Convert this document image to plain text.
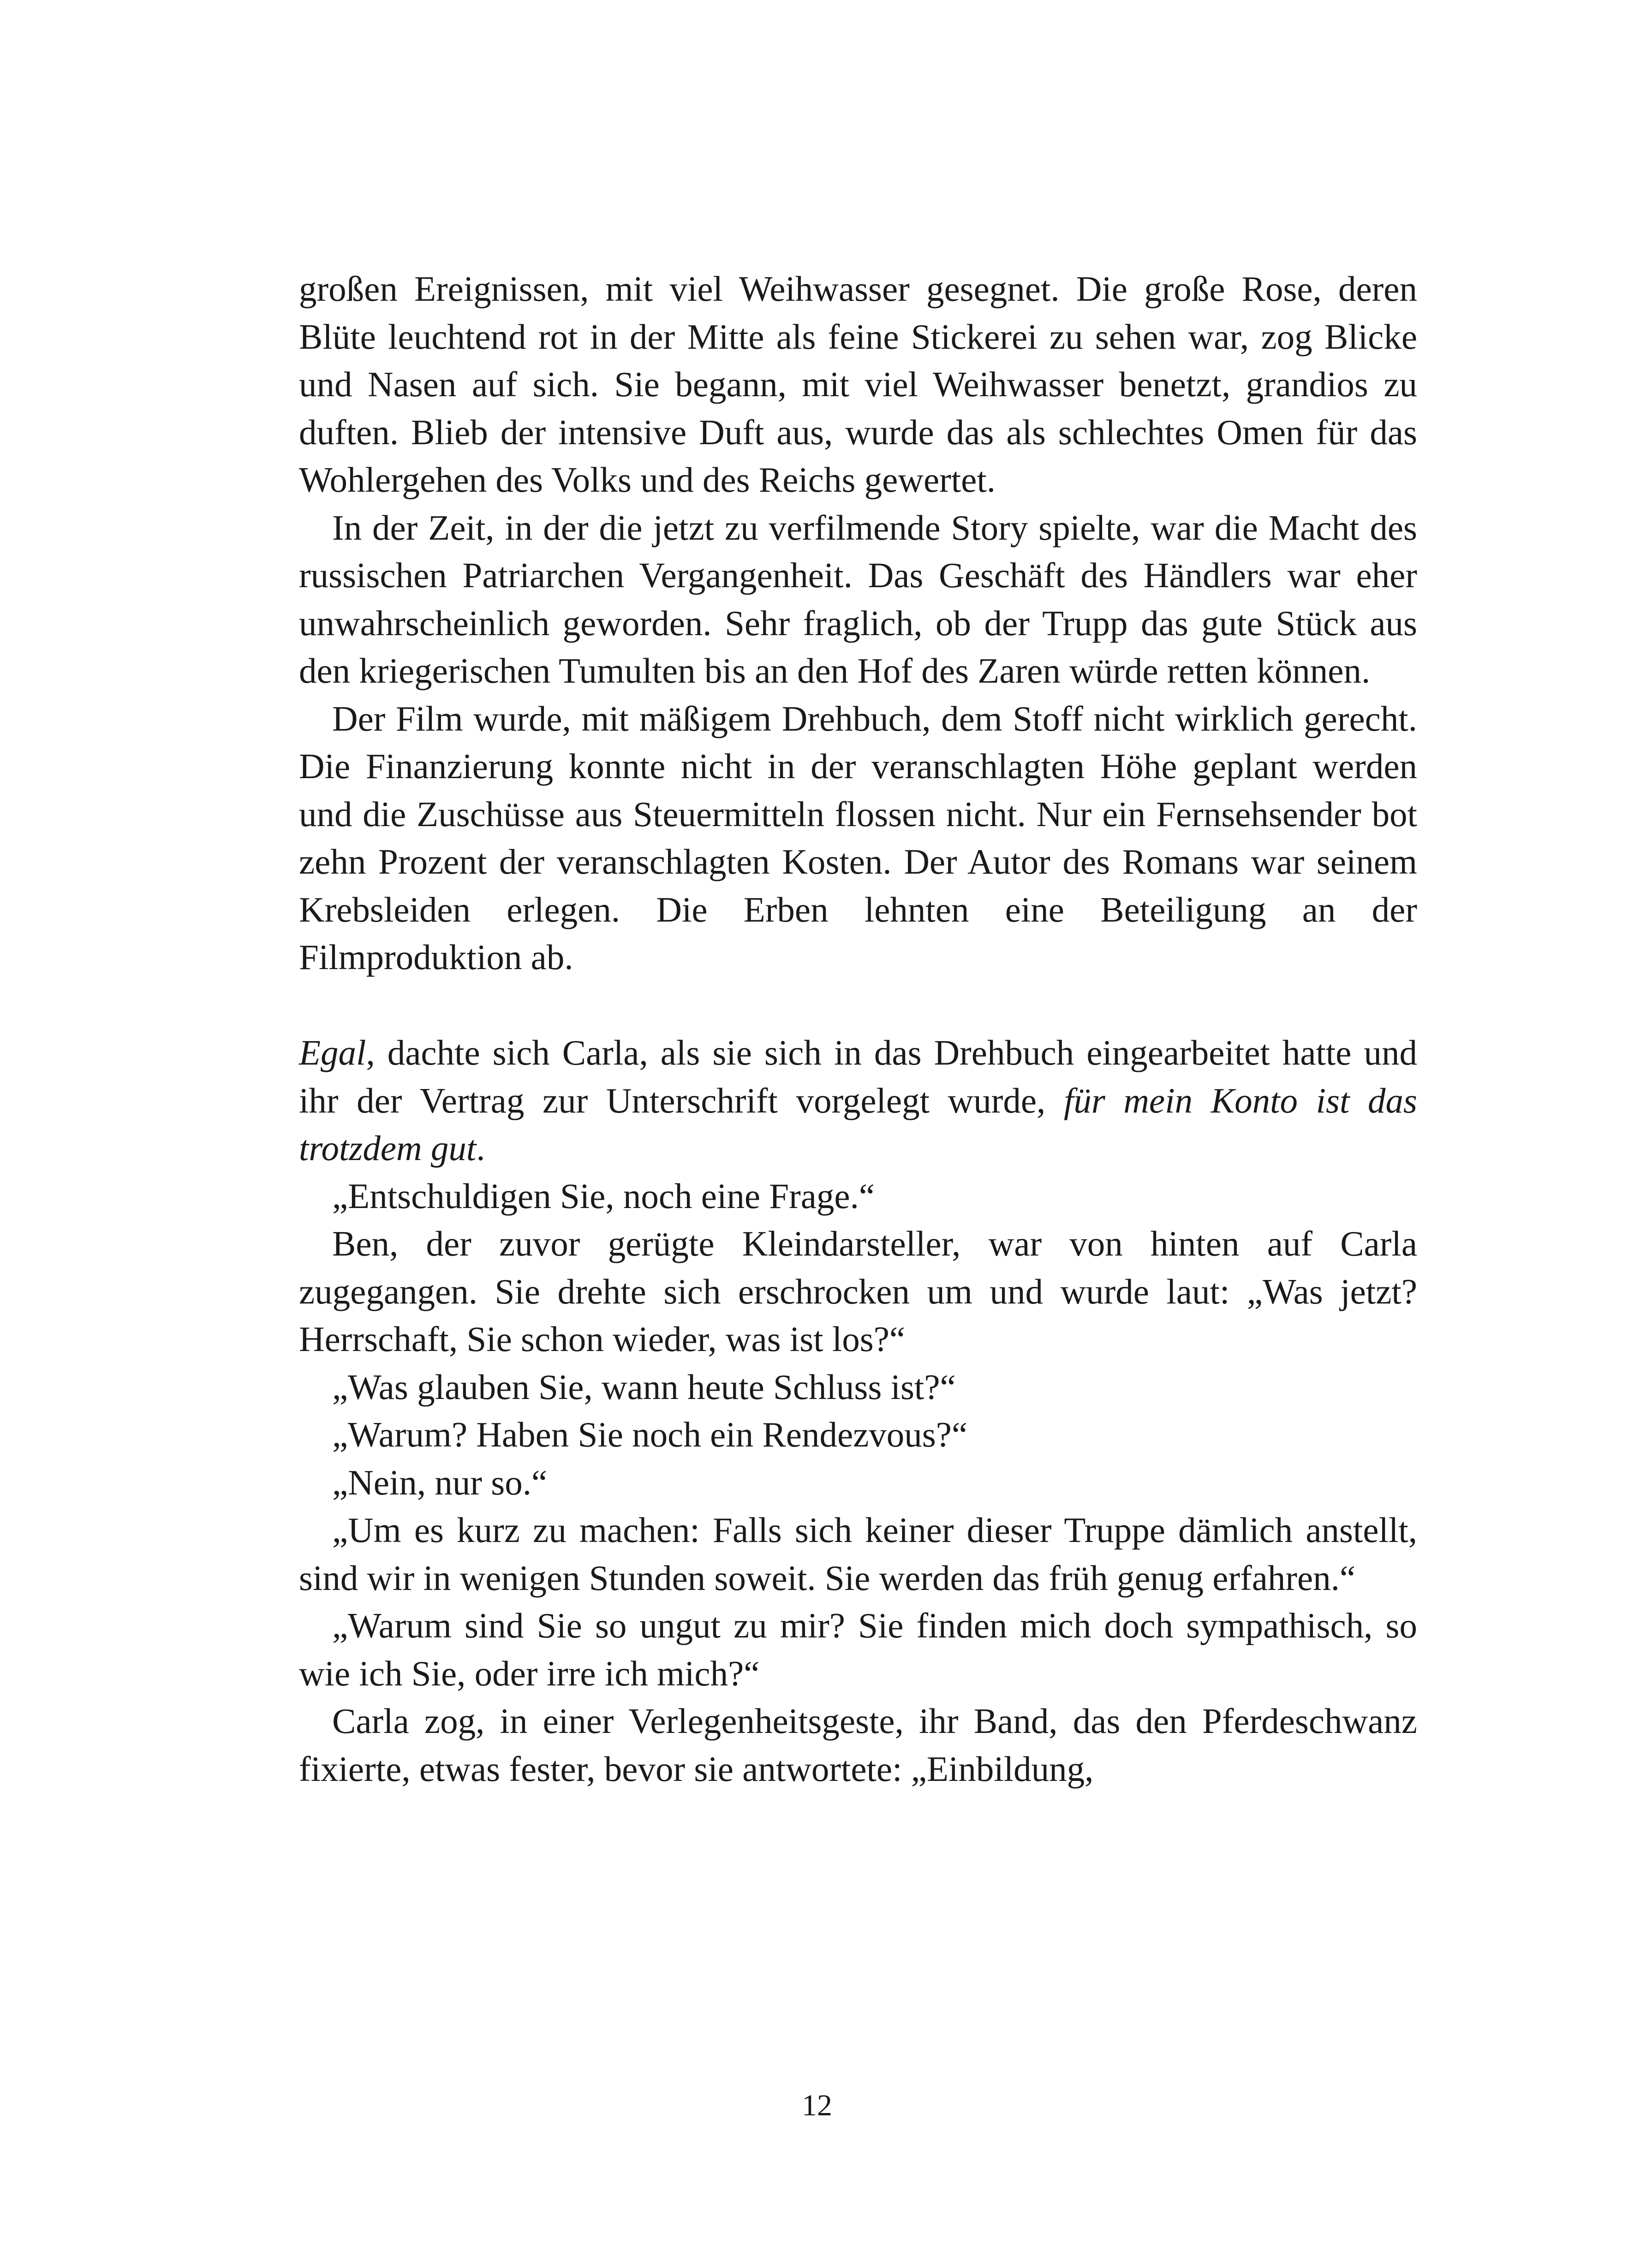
großen Ereignissen, mit viel Weihwasser gesegnet. Die große Rose, deren Blüte leuchtend rot in der Mitte als feine Stickerei zu sehen war, zog Blicke und Nasen auf sich. Sie begann, mit viel Weihwasser benetzt, grandios zu duften. Blieb der intensive Duft aus, wurde das als schlechtes Omen für das Wohlergehen des Volks und des Reichs gewertet.

In der Zeit, in der die jetzt zu verfilmende Story spielte, war die Macht des russischen Patriarchen Vergangenheit. Das Geschäft des Händlers war eher unwahrscheinlich geworden. Sehr fraglich, ob der Trupp das gute Stück aus den kriegerischen Tumulten bis an den Hof des Zaren würde retten können.

Der Film wurde, mit mäßigem Drehbuch, dem Stoff nicht wirklich gerecht. Die Finanzierung konnte nicht in der veranschlagten Höhe geplant werden und die Zuschüsse aus Steuermitteln flossen nicht. Nur ein Fernsehsender bot zehn Prozent der veranschlagten Kosten. Der Autor des Romans war seinem Krebsleiden erlegen. Die Erben lehnten eine Beteiligung an der Filmproduktion ab.

Egal, dachte sich Carla, als sie sich in das Drehbuch eingearbeitet hatte und ihr der Vertrag zur Unterschrift vorgelegt wurde, für mein Konto ist das trotzdem gut.

„Entschuldigen Sie, noch eine Frage.“

Ben, der zuvor gerügte Kleindarsteller, war von hinten auf Carla zugegangen. Sie drehte sich erschrocken um und wurde laut: „Was jetzt? Herrschaft, Sie schon wieder, was ist los?“

„Was glauben Sie, wann heute Schluss ist?“

„Warum? Haben Sie noch ein Rendezvous?“

„Nein, nur so.“

„Um es kurz zu machen: Falls sich keiner dieser Truppe dämlich anstellt, sind wir in wenigen Stunden soweit. Sie werden das früh genug erfahren.“

„Warum sind Sie so ungut zu mir? Sie finden mich doch sympathisch, so wie ich Sie, oder irre ich mich?“

Carla zog, in einer Verlegenheitsgeste, ihr Band, das den Pferdeschwanz fixierte, etwas fester, bevor sie antwortete: „Einbildung,

12
